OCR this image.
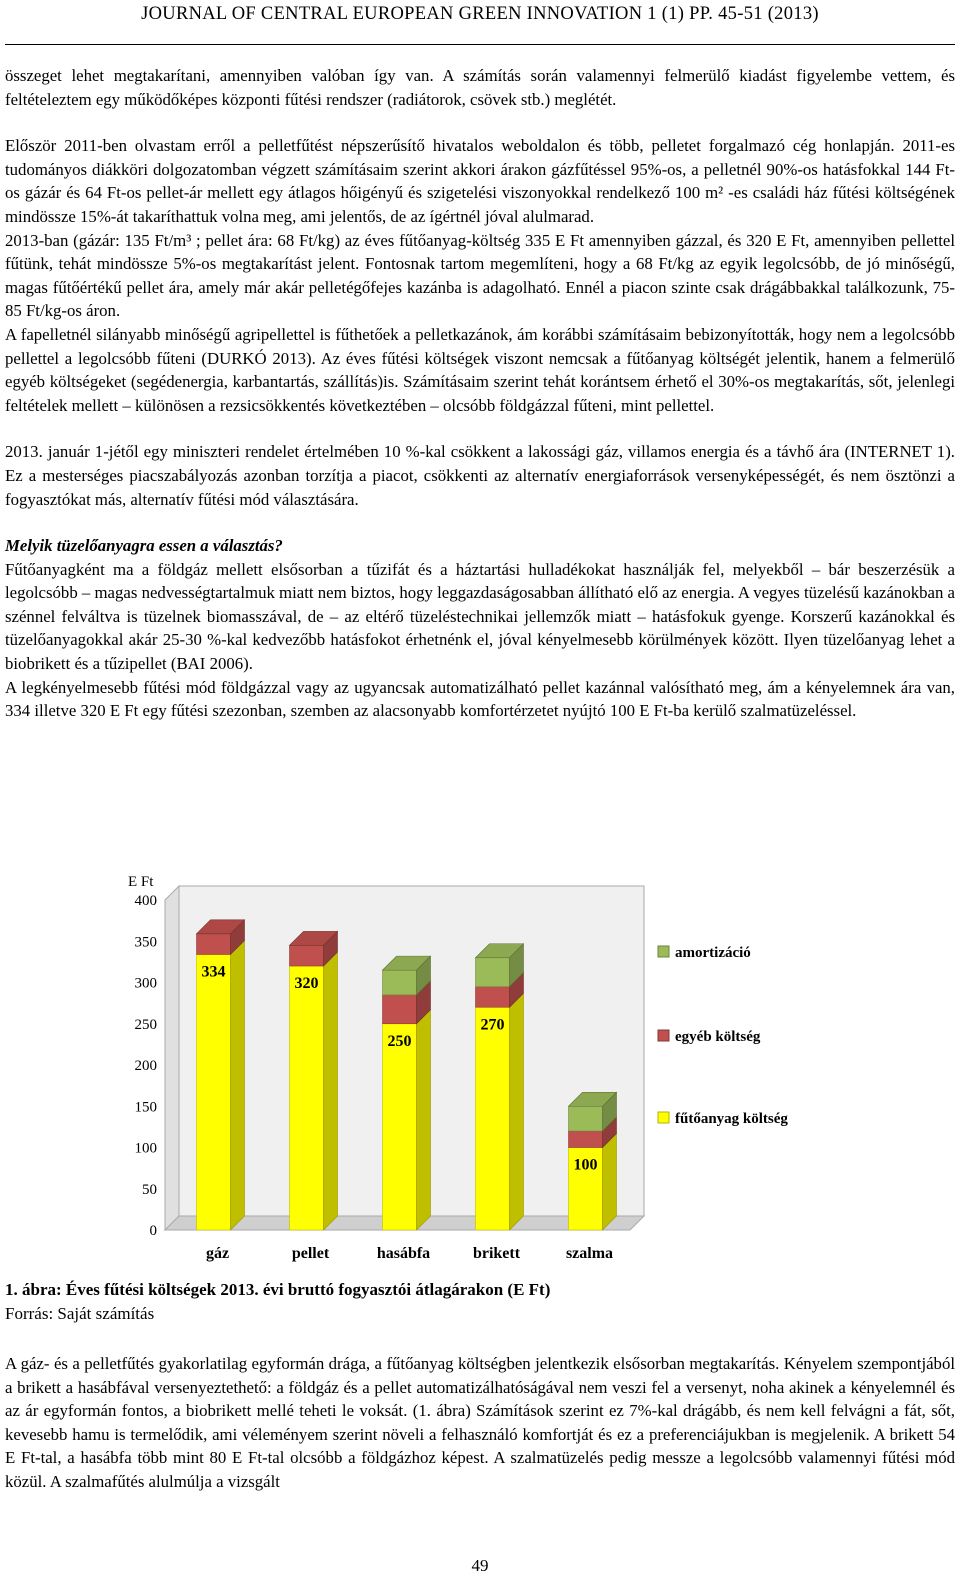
JOURNAL OF CENTRAL EUROPEAN GREEN INNOVATION 1 (1) PP. 45-51 (2013)

összeget lehet megtakarítani, amennyiben valóban így van. A számítás során valamennyi felmerülő kiadást figyelembe vettem, és feltételeztem egy működőképes központi fűtési rendszer (radiátorok, csövek stb.) meglétét.

Először 2011-ben olvastam erről a pelletfűtést népszerűsítő hivatalos weboldalon és több, pelletet forgalmazó cég honlapján. 2011-es tudományos diákköri dolgozatomban végzett számításaim szerint akkori árakon gázfűtéssel 95%-os, a pelletnél 90%-os hatásfokkal 144 Ft-os gázár és 64 Ft-os pellet-ár mellett egy átlagos hőigényű és szigetelési viszonyokkal rendelkező 100 m² -es családi ház fűtési költségének mindössze 15%-át takaríthattuk volna meg, ami jelentős, de az ígértnél jóval alulmarad.

2013-ban (gázár: 135 Ft/m³ ; pellet ára: 68 Ft/kg) az éves fűtőanyag-költség 335 E Ft amennyiben gázzal, és 320 E Ft, amennyiben pellettel fűtünk, tehát mindössze 5%-os megtakarítást jelent. Fontosnak tartom megemlíteni, hogy a 68 Ft/kg az egyik legolcsóbb, de jó minőségű, magas fűtőértékű pellet ára, amely már akár pelletégőfejes kazánba is adagolható. Ennél a piacon szinte csak drágábbakkal találkozunk, 75-85 Ft/kg-os áron.

A fapelletnél silányabb minőségű agripellettel is fűthetőek a pelletkazánok, ám korábbi számításaim bebizonyították, hogy nem a legolcsóbb pellettel a legolcsóbb fűteni (DURKÓ 2013). Az éves fűtési költségek viszont nemcsak a fűtőanyag költségét jelentik, hanem a felmerülő egyéb költségeket (segédenergia, karbantartás, szállítás)is. Számításaim szerint tehát korántsem érhető el 30%-os megtakarítás, sőt, jelenlegi feltételek mellett – különösen a rezsicsökkentés következtében – olcsóbb földgázzal fűteni, mint pellettel.

2013. január 1-jétől egy miniszteri rendelet értelmében 10 %-kal csökkent a lakossági gáz, villamos energia és a távhő ára (INTERNET 1). Ez a mesterséges piacszabályozás azonban torzítja a piacot, csökkenti az alternatív energiaforrások versenyképességét, és nem ösztönzi a fogyasztókat más, alternatív fűtési mód választására.

Melyik tüzelőanyagra essen a választás?

Fűtőanyagként ma a földgáz mellett elsősorban a tűzifát és a háztartási hulladékokat használják fel, melyekből – bár beszerzésük a legolcsóbb – magas nedvességtartalmuk miatt nem biztos, hogy leggazdaságosabban állítható elő az energia. A vegyes tüzelésű kazánokban a szénnel felváltva is tüzelnek biomasszával, de – az eltérő tüzeléstechnikai jellemzők miatt – hatásfokuk gyenge. Korszerű kazánokkal és tüzelőanyagokkal akár 25-30 %-kal kedvezőbb hatásfokot érhetnénk el, jóval kényelmesebb körülmények között. Ilyen tüzelőanyag lehet a biobrikett és a tűzipellet (BAI 2006).

A legkényelmesebb fűtési mód földgázzal vagy az ugyancsak automatizálható pellet kazánnal valósítható meg, ám a kényelemnek ára van, 334 illetve 320 E Ft egy fűtési szezonban, szemben az alacsonyabb komfortérzetet nyújtó 100 E Ft-ba kerülő szalmatüzeléssel.

0
50
100
150
200
250
300
350
400
E Ft
334
gáz
320
pellet
250
hasábfa
270
brikett
100
szalma
amortizáció
egyéb költség
fűtőanyag költség
1. ábra: Éves fűtési költségek 2013. évi bruttó fogyasztói átlagárakon (E Ft)
Forrás: Saját számítás

A gáz- és a pelletfűtés gyakorlatilag egyformán drága, a fűtőanyag költségben jelentkezik elsősorban megtakarítás. Kényelem szempontjából a brikett a hasábfával versenyeztethető: a földgáz és a pellet automatizálhatóságával nem veszi fel a versenyt, noha akinek a kényelemnél és az ár egyformán fontos, a biobrikett mellé teheti le voksát. (1. ábra) Számítások szerint ez 7%-kal drágább, és nem kell felvágni a fát, sőt, kevesebb hamu is termelődik, ami véleményem szerint növeli a felhasználó komfortját és ez a preferenciájukban is megjelenik. A brikett 54 E Ft-tal, a hasábfa több mint 80 E Ft-tal olcsóbb a földgázhoz képest. A szalmatüzelés pedig messze a legolcsóbb valamennyi fűtési mód közül. A szalmafűtés alulmúlja a vizsgált

49
